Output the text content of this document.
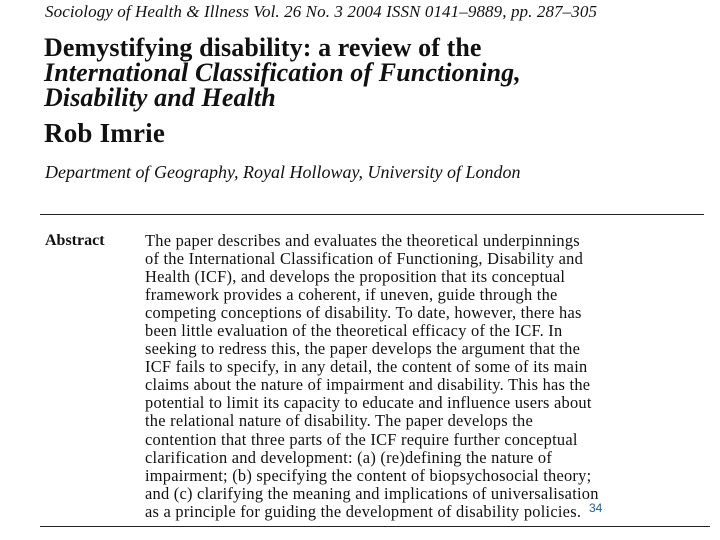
Sociology of Health & Illness Vol. 26 No. 3 2004 ISSN 0141–9889, pp. 287–305
Demystifying disability: a review of the
International Classification of Functioning,
Disability and Health
Rob Imrie
Department of Geography, Royal Holloway, University of London
Abstract The paper describes and evaluates the theoretical underpinnings
of the International Classification of Functioning, Disability and
Health (ICF), and develops the proposition that its conceptual
framework provides a coherent, if uneven, guide through the
competing conceptions of disability. To date, however, there has
been little evaluation of the theoretical efficacy of the ICF. In
seeking to redress this, the paper develops the argument that the
ICF fails to specify, in any detail, the content of some of its main
claims about the nature of impairment and disability. This has the
potential to limit its capacity to educate and influence users about
the relational nature of disability. The paper develops the
contention that three parts of the ICF require further conceptual
clarification and development: (a) (re)defining the nature of
impairment; (b) specifying the content of biopsychosocial theory;
and (c) clarifying the meaning and implications of universalisation
as a principle for guiding the development of disability policies. 34
